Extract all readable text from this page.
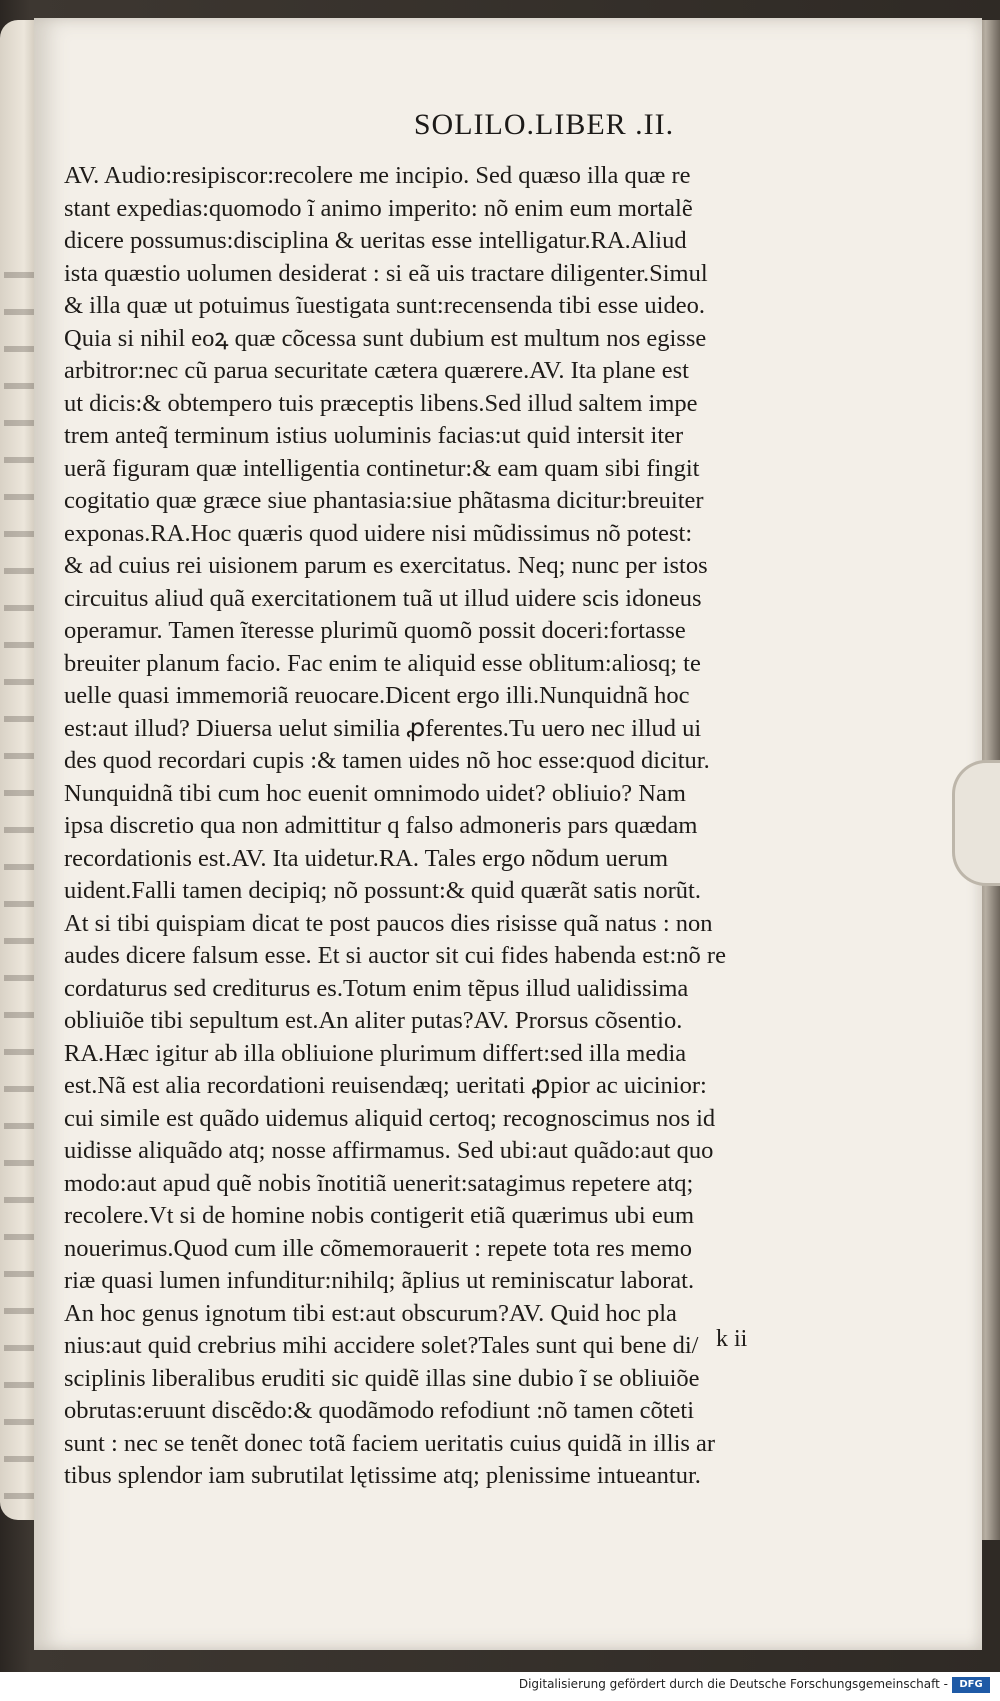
SOLILO.LIBER .II.
AV. Audio:resipiscor:recolere me incipio. Sed quæso illa quæ re
stant expedias:quomodo ĩ animo imperito: nõ enim eum mortalẽ
dicere possumus:disciplina & ueritas esse intelligatur.RA.Aliud
ista quæstio uolumen desiderat : si eã uis tractare diligenter.Simul
& illa quæ ut potuimus ĩuestigata sunt:recensenda tibi esse uideo.
Quia si nihil eoꝝ quæ cõcessa sunt dubium est multum nos egisse
arbitror:nec cũ parua securitate cætera quærere.AV. Ita plane est
ut dicis:& obtempero tuis præceptis libens.Sed illud saltem impe
trem anteq̃ terminum istius uoluminis facias:ut quid intersit iter
uerã figuram quæ intelligentia continetur:& eam quam sibi fingit
cogitatio quæ græce siue phantasia:siue phãtasma dicitur:breuiter
exponas.RA.Hoc quæris quod uidere nisi mũdissimus nõ potest:
& ad cuius rei uisionem parum es exercitatus. Neq; nunc per istos
circuitus aliud quã exercitationem tuã ut illud uidere scis idoneus
operamur. Tamen ĩteresse plurimũ quomõ possit doceri:fortasse
breuiter planum facio. Fac enim te aliquid esse oblitum:aliosq; te
uelle quasi immemoriã reuocare.Dicent ergo illi.Nunquidnã hoc
est:aut illud? Diuersa uelut similia ꝓferentes.Tu uero nec illud ui
des quod recordari cupis :& tamen uides nõ hoc esse:quod dicitur.
Nunquidnã tibi cum hoc euenit omnimodo uidet? obliuio? Nam
ipsa discretio qua non admittitur q falso admoneris pars quædam
recordationis est.AV. Ita uidetur.RA. Tales ergo nõdum uerum
uident.Falli tamen decipiq; nõ possunt:& quid quærãt satis norũt.
At si tibi quispiam dicat te post paucos dies risisse quã natus : non
audes dicere falsum esse. Et si auctor sit cui fides habenda est:nõ re
cordaturus sed crediturus es.Totum enim tẽpus illud ualidissima
obliuiõe tibi sepultum est.An aliter putas?AV. Prorsus cõsentio.
RA.Hæc igitur ab illa obliuione plurimum differt:sed illa media
est.Nã est alia recordationi reuisendæq; ueritati ꝓpior ac uicinior:
cui simile est quãdo uidemus aliquid certoq; recognoscimus nos id
uidisse aliquãdo atq; nosse affirmamus. Sed ubi:aut quãdo:aut quo
modo:aut apud quẽ nobis ĩnotitiã uenerit:satagimus repetere atq;
recolere.Vt si de homine nobis contigerit etiã quærimus ubi eum
nouerimus.Quod cum ille cõmemorauerit : repete tota res memo
riæ quasi lumen infunditur:nihilq; ãplius ut reminiscatur laborat.
An hoc genus ignotum tibi est:aut obscurum?AV. Quid hoc pla
nius:aut quid crebrius mihi accidere solet?Tales sunt qui bene di/
sciplinis liberalibus eruditi sic quidẽ illas sine dubio ĩ se obliuiõe
obrutas:eruunt discẽdo:& quodãmodo refodiunt :nõ tamen cõteti
sunt : nec se tenẽt donec totã faciem ueritatis cuius quidã in illis ar
tibus splendor iam subrutilat lętissime atq; plenissime intueantur.
k ii
Digitalisierung gefördert durch die Deutsche Forschungsgemeinschaft -	DFG
